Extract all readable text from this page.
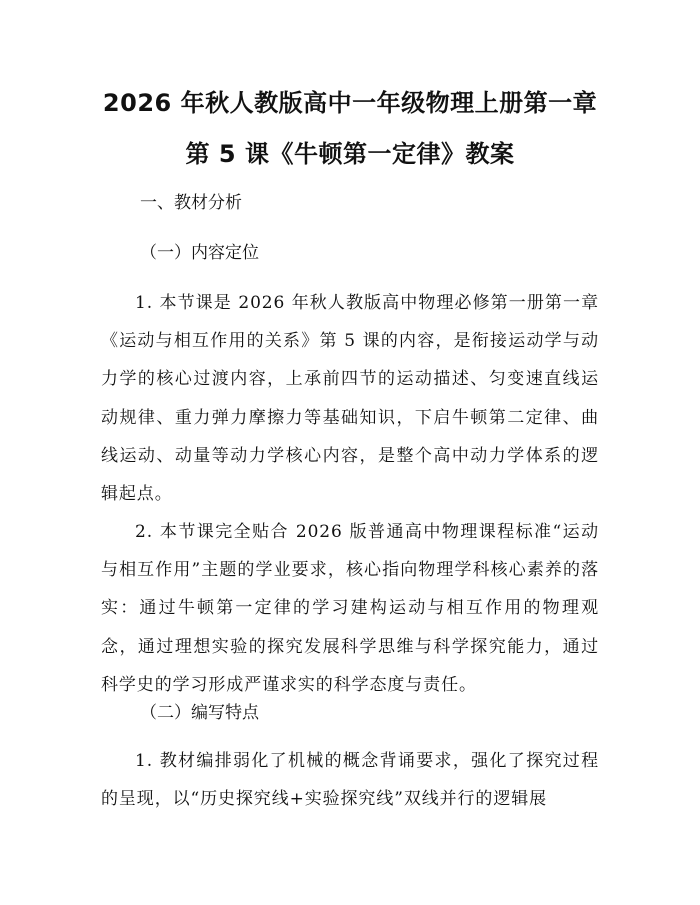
2026 年秋人教版高中一年级物理上册第一章
第 5 课《牛顿第一定律》教案
一、教材分析
（一）内容定位
1. 本节课是 2026 年秋人教版高中物理必修第一册第一章《运动与相互作用的关系》第 5 课的内容，是衔接运动学与动力学的核心过渡内容，上承前四节的运动描述、匀变速直线运动规律、重力弹力摩擦力等基础知识，下启牛顿第二定律、曲线运动、动量等动力学核心内容，是整个高中动力学体系的逻辑起点。
2. 本节课完全贴合 2026 版普通高中物理课程标准“运动与相互作用”主题的学业要求，核心指向物理学科核心素养的落实：通过牛顿第一定律的学习建构运动与相互作用的物理观念，通过理想实验的探究发展科学思维与科学探究能力，通过科学史的学习形成严谨求实的科学态度与责任。
（二）编写特点
1. 教材编排弱化了机械的概念背诵要求，强化了探究过程的呈现，以“历史探究线+实验探究线”双线并行的逻辑展
